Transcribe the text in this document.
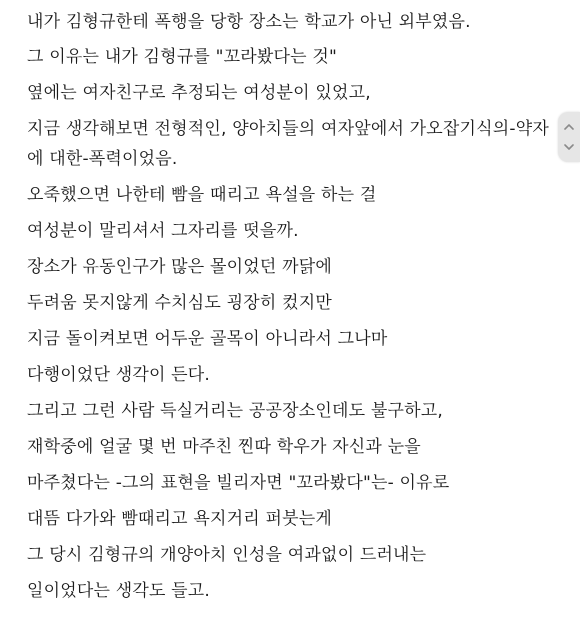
내가 김형규한테 폭행을 당항 장소는 학교가 아닌 외부였음.
그 이유는 내가 김형규를 "꼬라봤다는 것"
옆에는 여자친구로 추정되는 여성분이 있었고,
지금 생각해보면 전형적인, 양아치들의 여자앞에서 가오잡기식의-약자
에 대한-폭력이었음.
오죽했으면 나한테 빰을 때리고 욕설을 하는 걸
여성분이 말리셔서 그자리를 떳을까.
장소가 유동인구가 많은 몰이었던 까닭에
두려움 못지않게 수치심도 굉장히 컸지만
지금 돌이켜보면 어두운 골목이 아니라서 그나마
다행이었단 생각이 든다.
그리고 그런 사람 득실거리는 공공장소인데도 불구하고,
재학중에 얼굴 몇 번 마주친 찐따 학우가 자신과 눈을
마주쳤다는 -그의 표현을 빌리자면 "꼬라봤다"는- 이유로
대뜸 다가와 빰때리고 욕지거리 퍼붓는게
그 당시 김형규의 개양아치 인성을 여과없이 드러내는
일이었다는 생각도 들고.
